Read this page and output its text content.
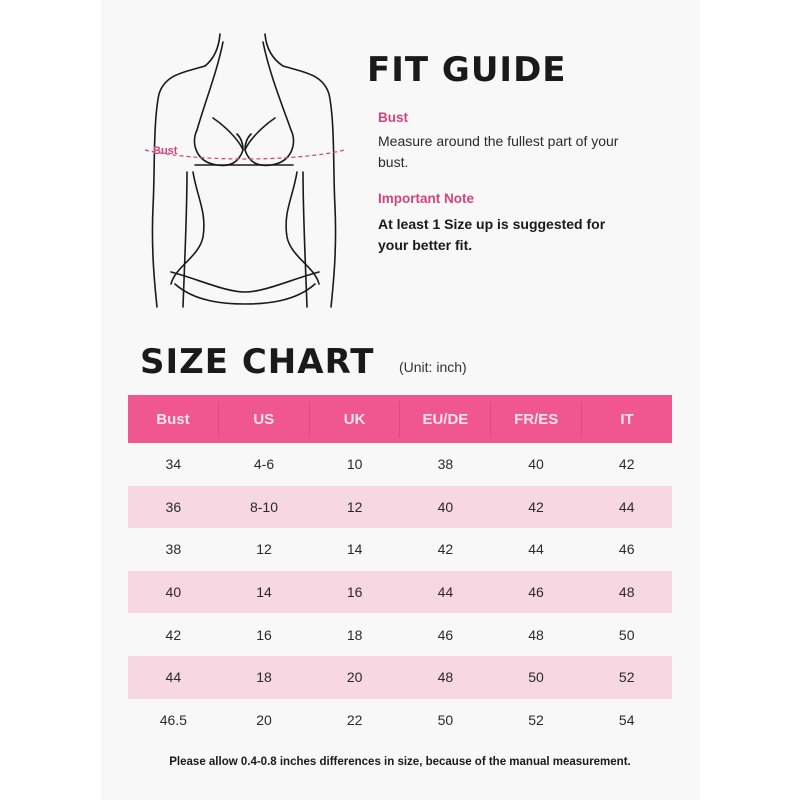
Bust
FIT GUIDE
Bust
Measure around the fullest part of your bust.
Important Note
At least 1 Size up is suggested for your better fit.
SIZE CHART (Unit: inch)
Bust	US	UK	EU/DE	FR/ES	IT
34	4-6	10	38	40	42
36	8-10	12	40	42	44
38	12	14	42	44	46
40	14	16	44	46	48
42	16	18	46	48	50
44	18	20	48	50	52
46.5	20	22	50	52	54
Please allow 0.4-0.8 inches differences in size, because of the manual measurement.
